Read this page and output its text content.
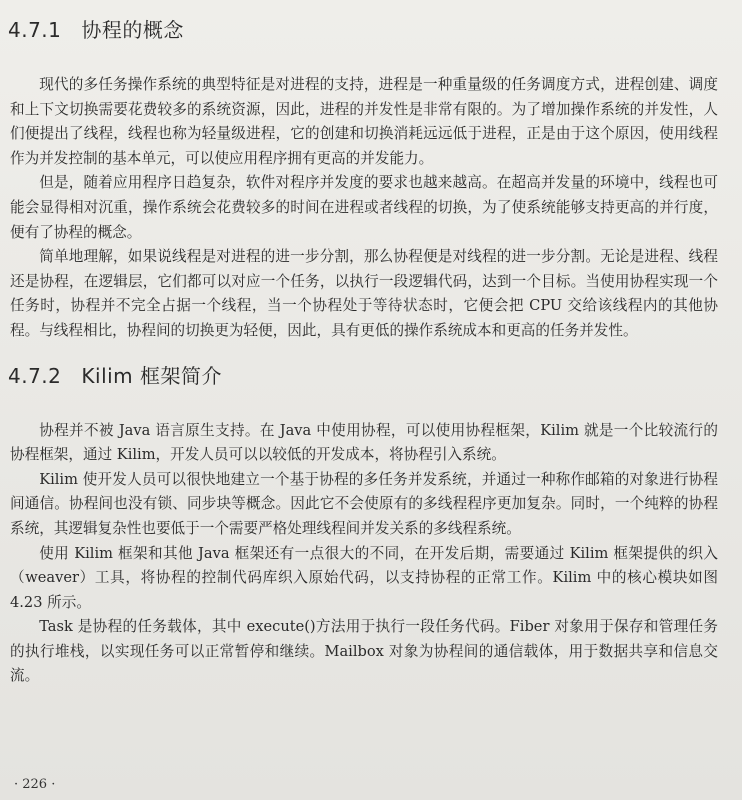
4.7.1 协程的概念

现代的多任务操作系统的典型特征是对进程的支持，进程是一种重量级的任务调度方式，进程创建、调度和上下文切换需要花费较多的系统资源，因此，进程的并发性是非常有限的。为了增加操作系统的并发性，人们便提出了线程，线程也称为轻量级进程，它的创建和切换消耗远远低于进程，正是由于这个原因，使用线程作为并发控制的基本单元，可以使应用程序拥有更高的并发能力。

但是，随着应用程序日趋复杂，软件对程序并发度的要求也越来越高。在超高并发量的环境中，线程也可能会显得相对沉重，操作系统会花费较多的时间在进程或者线程的切换，为了使系统能够支持更高的并行度，便有了协程的概念。

简单地理解，如果说线程是对进程的进一步分割，那么协程便是对线程的进一步分割。无论是进程、线程还是协程，在逻辑层，它们都可以对应一个任务，以执行一段逻辑代码，达到一个目标。当使用协程实现一个任务时，协程并不完全占据一个线程，当一个协程处于等待状态时，它便会把 CPU 交给该线程内的其他协程。与线程相比，协程间的切换更为轻便，因此，具有更低的操作系统成本和更高的任务并发性。

4.7.2 Kilim 框架简介

协程并不被 Java 语言原生支持。在 Java 中使用协程，可以使用协程框架，Kilim 就是一个比较流行的协程框架，通过 Kilim，开发人员可以以较低的开发成本，将协程引入系统。

Kilim 使开发人员可以很快地建立一个基于协程的多任务并发系统，并通过一种称作邮箱的对象进行协程间通信。协程间也没有锁、同步块等概念。因此它不会使原有的多线程程序更加复杂。同时，一个纯粹的协程系统，其逻辑复杂性也要低于一个需要严格处理线程间并发关系的多线程系统。

使用 Kilim 框架和其他 Java 框架还有一点很大的不同，在开发后期，需要通过 Kilim 框架提供的织入（weaver）工具，将协程的控制代码库织入原始代码，以支持协程的正常工作。Kilim 中的核心模块如图 4.23 所示。

Task 是协程的任务载体，其中 execute()方法用于执行一段任务代码。Fiber 对象用于保存和管理任务的执行堆栈，以实现任务可以正常暂停和继续。Mailbox 对象为协程间的通信载体，用于数据共享和信息交流。

· 226 ·
